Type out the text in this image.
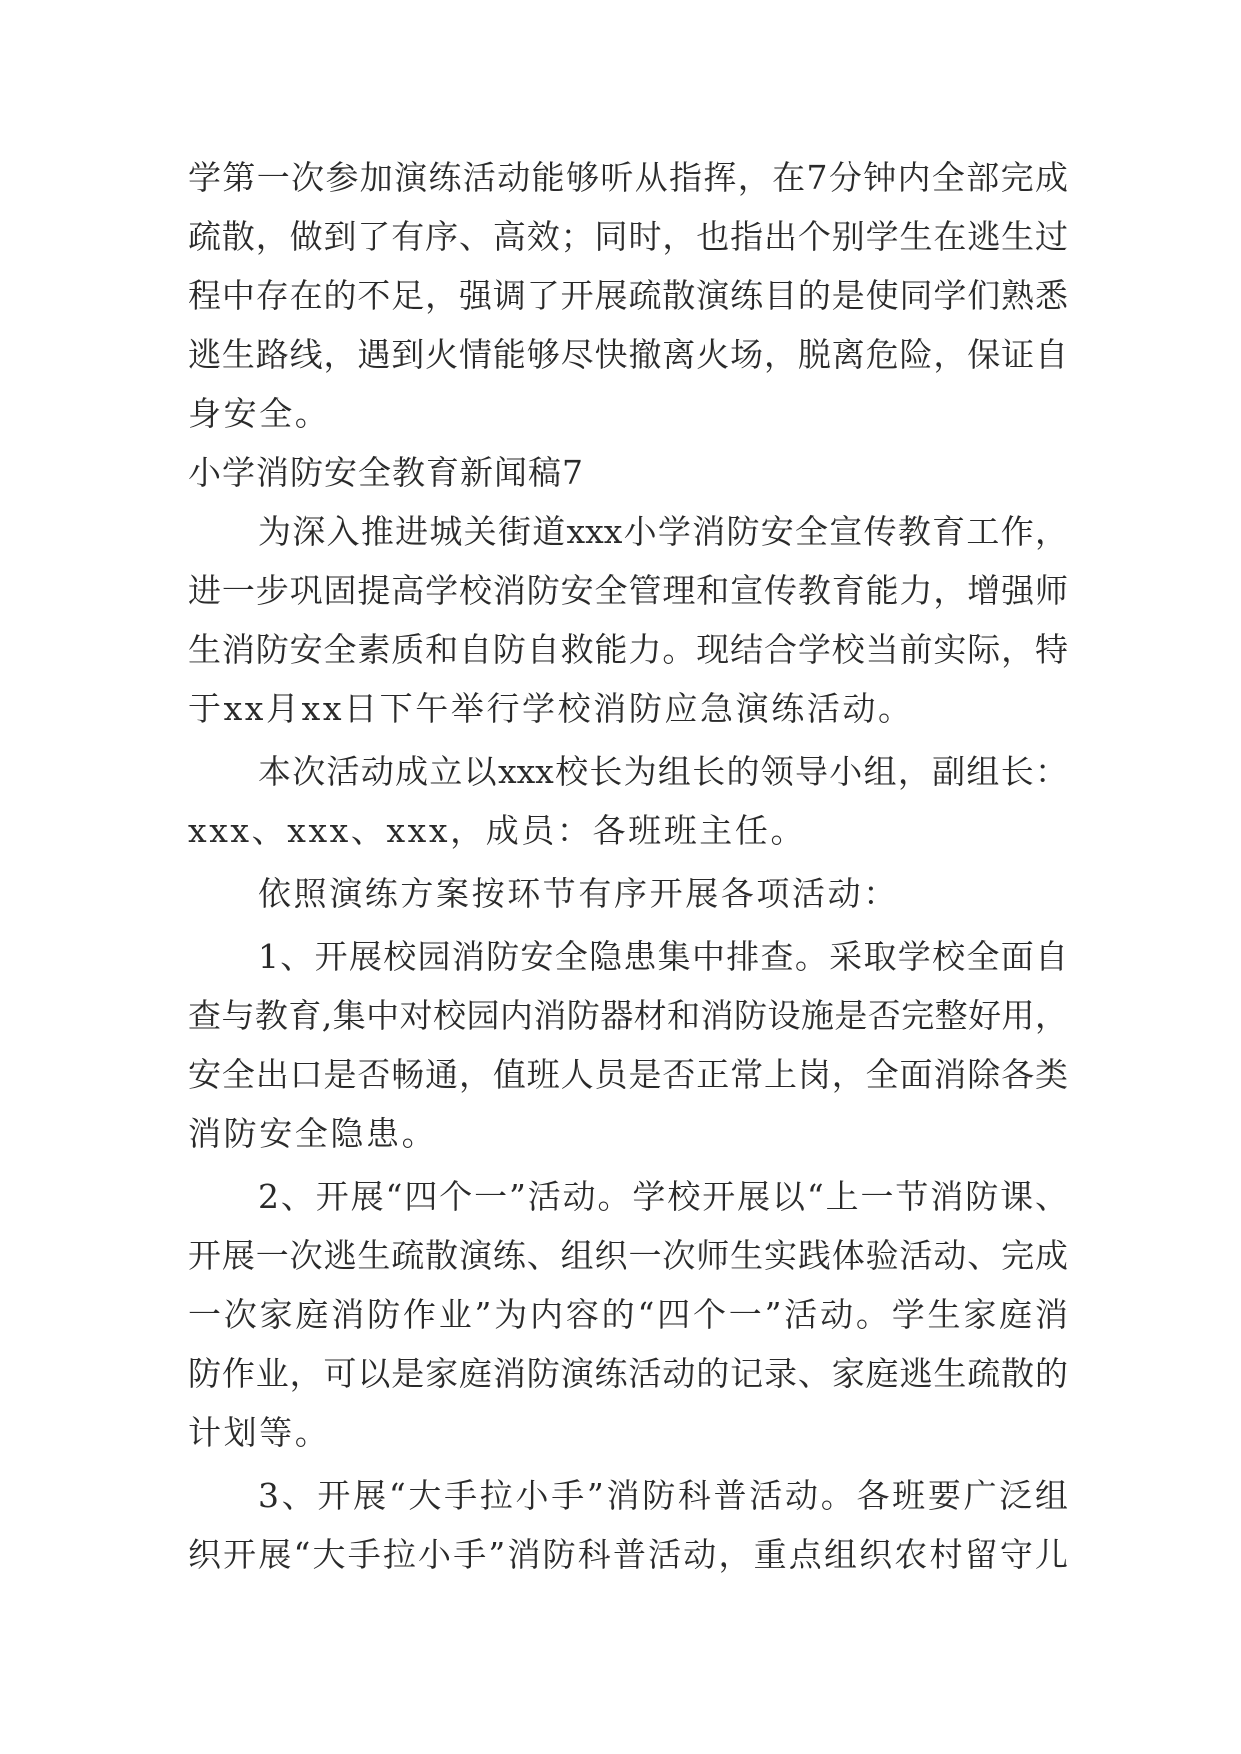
学第一次参加演练活动能够听从指挥，在7分钟内全部完成
疏散，做到了有序、高效；同时，也指出个别学生在逃生过
程中存在的不足，强调了开展疏散演练目的是使同学们熟悉
逃生路线，遇到火情能够尽快撤离火场，脱离危险，保证自
身安全。
小学消防安全教育新闻稿7
为深入推进城关街道xxx小学消防安全宣传教育工作，
进一步巩固提高学校消防安全管理和宣传教育能力，增强师
生消防安全素质和自防自救能力。现结合学校当前实际，特
于xx月xx日下午举行学校消防应急演练活动。
本次活动成立以xxx校长为组长的领导小组，副组长：
xxx、xxx、xxx，成员：各班班主任。
依照演练方案按环节有序开展各项活动：
1、开展校园消防安全隐患集中排查。采取学校全面自
查与教育,集中对校园内消防器材和消防设施是否完整好用，
安全出口是否畅通，值班人员是否正常上岗，全面消除各类
消防安全隐患。
2、开展“四个一”活动。学校开展以“上一节消防课、
开展一次逃生疏散演练、组织一次师生实践体验活动、完成
一次家庭消防作业”为内容的“四个一”活动。学生家庭消
防作业，可以是家庭消防演练活动的记录、家庭逃生疏散的
计划等。
3、开展“大手拉小手”消防科普活动。各班要广泛组
织开展“大手拉小手”消防科普活动，重点组织农村留守儿
